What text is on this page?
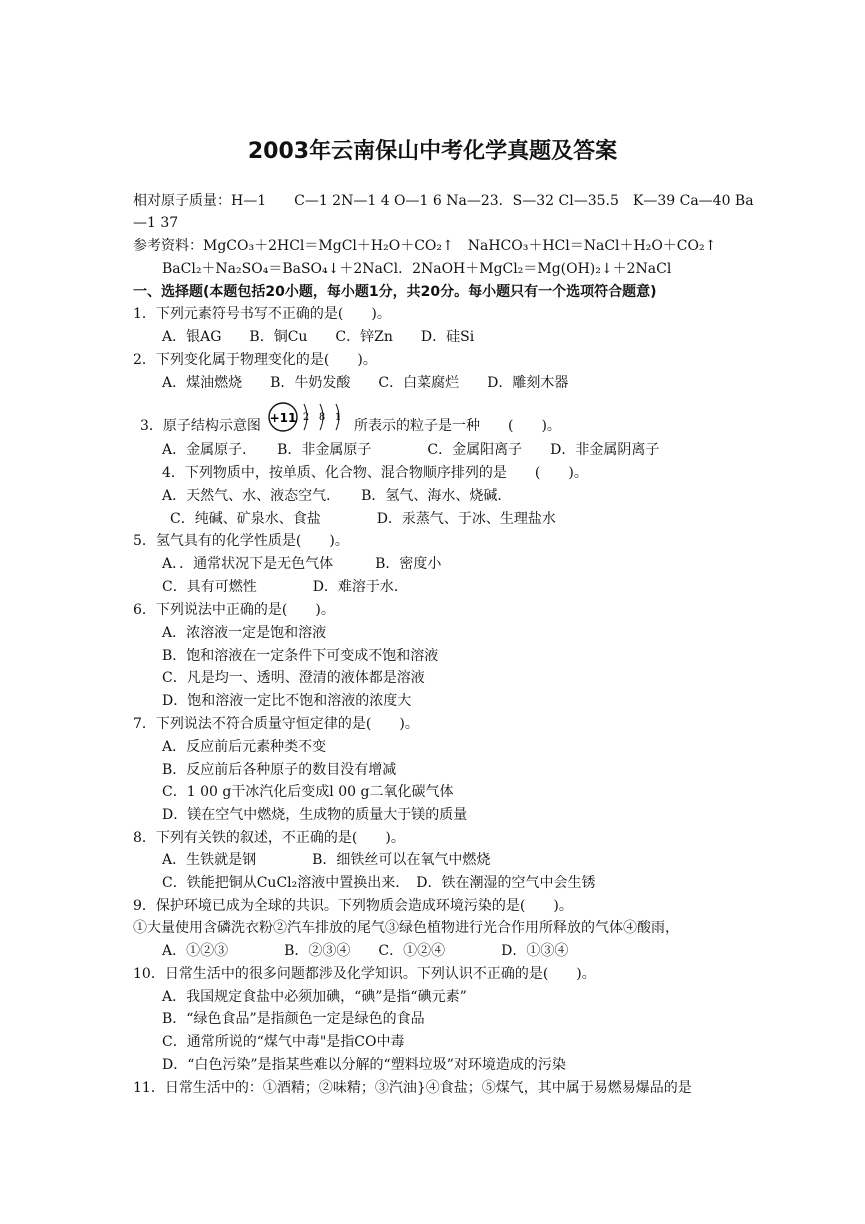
2003年云南保山中考化学真题及答案
相对原子质量：H—1　　C—1 2N—1 4 O—1 6 Na—23．S—32 Cl—35.5　K—39 Ca—40 Ba
—1 37
参考资料：MgCO₃＋2HCl＝MgCl＋H₂O＋CO₂↑　NaHCO₃＋HCl＝NaCl＋H₂O＋CO₂↑
BaCl₂＋Na₂SO₄＝BaSO₄↓＋2NaCl．2NaOH＋MgCl₂＝Mg(OH)₂↓＋2NaCl
一、选择题(本题包括20小题，每小题1分，共20分。每小题只有一个选项符合题意)
1．下列元素符号书写不正确的是(　　)。
A．银AG　　B．铜Cu　　C．锌Zn　　D．硅Si
2．下列变化属于物理变化的是(　　)。
A．煤油燃烧　　B．牛奶发酸　　C．白菜腐烂　　D．雕刻木器
3．原子结构示意图 +11 2 8 1
所表示的粒子是一种　　(　　)。
A．金属原子．　　B．非金属原子　　　　C．金属阳离子　　D．非金属阴离子
4．下列物质中，按单质、化合物、混合物顺序排列的是　　(　　)。
A．天然气、水、液态空气．　　B．氢气、海水、烧碱．
C．纯碱、矿泉水、食盐　　　　D．汞蒸气、于冰、生理盐水
5．氢气具有的化学性质是(　　)。
A．．通常状况下是无色气体　　　B．密度小
C．具有可燃性　　　　D．难溶于水．
6．下列说法中正确的是(　　)。
A．浓溶液一定是饱和溶液
B．饱和溶液在一定条件下可变成不饱和溶液
C．凡是均一、透明、澄清的液体都是溶液
D．饱和溶液一定比不饱和溶液的浓度大
7．下列说法不符合质量守恒定律的是(　　)。
A．反应前后元素种类不变
B．反应前后各种原子的数目没有增减
C．1 00 g干冰汽化后变成l 00 g二氧化碳气体
D．镁在空气中燃烧，生成物的质量大于镁的质量
8．下列有关铁的叙述，不正确的是(　　)。
A．生铁就是钢　　　　B．细铁丝可以在氧气中燃烧
C．铁能把铜从CuCl₂溶液中置换出来．　D．铁在潮湿的空气中会生锈
9．保护环境已成为全球的共识。下列物质会造成环境污染的是(　　)。
①大量使用含磷洗衣粉②汽车排放的尾气③绿色植物进行光合作用所释放的气体④酸雨，
A．①②③　　　　B．②③④　　C．①②④　　　　D．①③④
10．日常生活中的很多问题都涉及化学知识。下列认识不正确的是(　　)。
A．我国规定食盐中必须加碘，“碘”是指“碘元素”
B．“绿色食品”是指颜色一定是绿色的食品
C．通常所说的“煤气中毒"是指CO中毒
D．“白色污染”是指某些难以分解的“塑料垃圾”对环境造成的污染
11．日常生活中的：①酒精；②味精；③汽油}④食盐；⑤煤气，其中属于易燃易爆品的是
